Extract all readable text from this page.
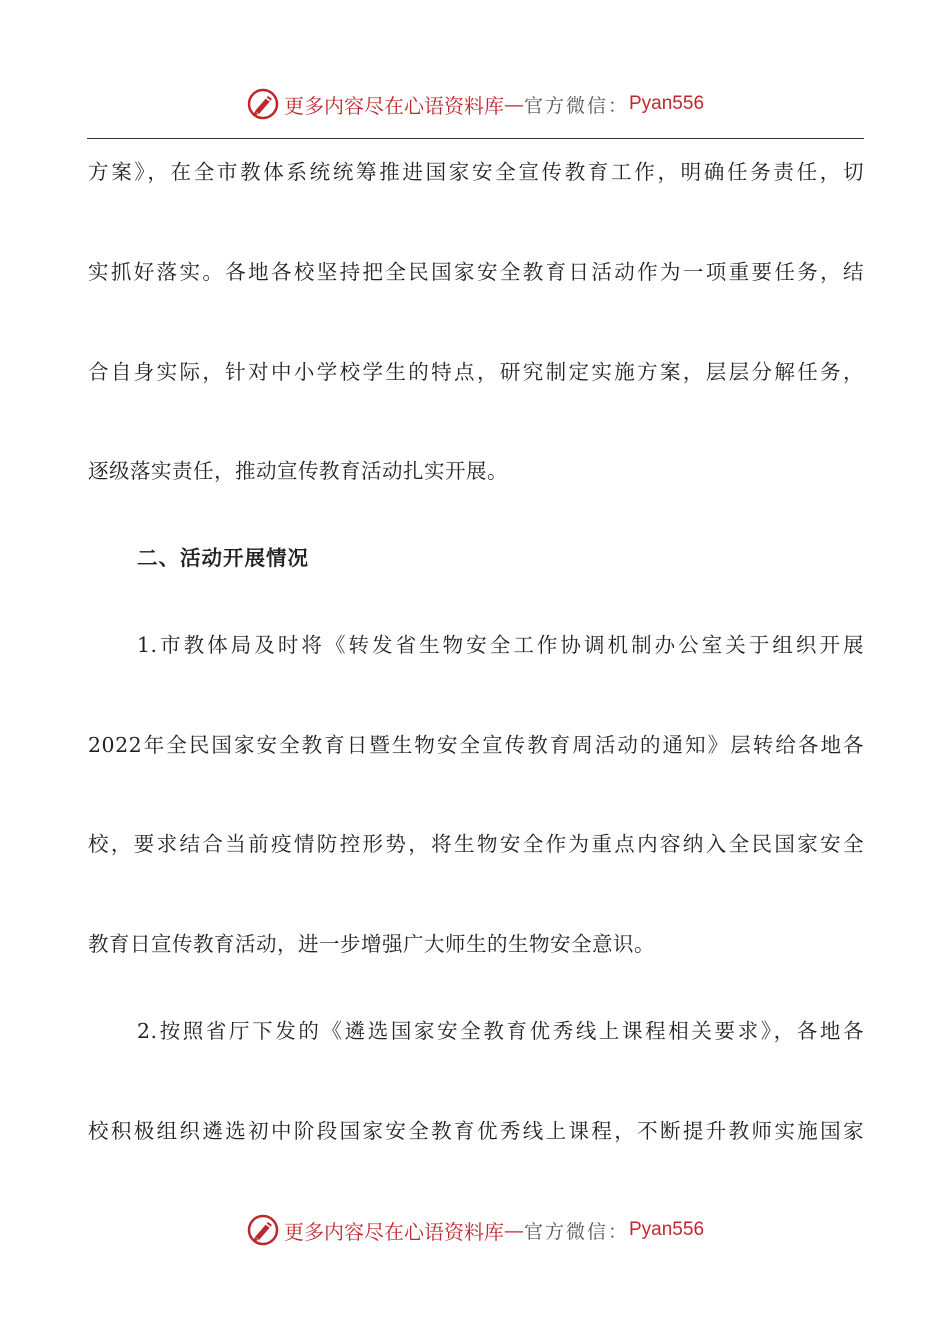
更多内容尽在心语资料库 — 官方微信： Pyan556
方案》，在全市教体系统统筹推进国家安全宣传教育工作，明确任务责任，切
实抓好落实。各地各校坚持把全民国家安全教育日活动作为一项重要任务，结
合自身实际，针对中小学校学生的特点，研究制定实施方案，层层分解任务，
逐级落实责任，推动宣传教育活动扎实开展。
二、活动开展情况
1.市教体局及时将《转发省生物安全工作协调机制办公室关于组织开展
2022年全民国家安全教育日暨生物安全宣传教育周活动的通知》层转给各地各
校，要求结合当前疫情防控形势，将生物安全作为重点内容纳入全民国家安全
教育日宣传教育活动，进一步增强广大师生的生物安全意识。
2.按照省厅下发的《遴选国家安全教育优秀线上课程相关要求》，各地各
校积极组织遴选初中阶段国家安全教育优秀线上课程，不断提升教师实施国家
更多内容尽在心语资料库 — 官方微信： Pyan556
